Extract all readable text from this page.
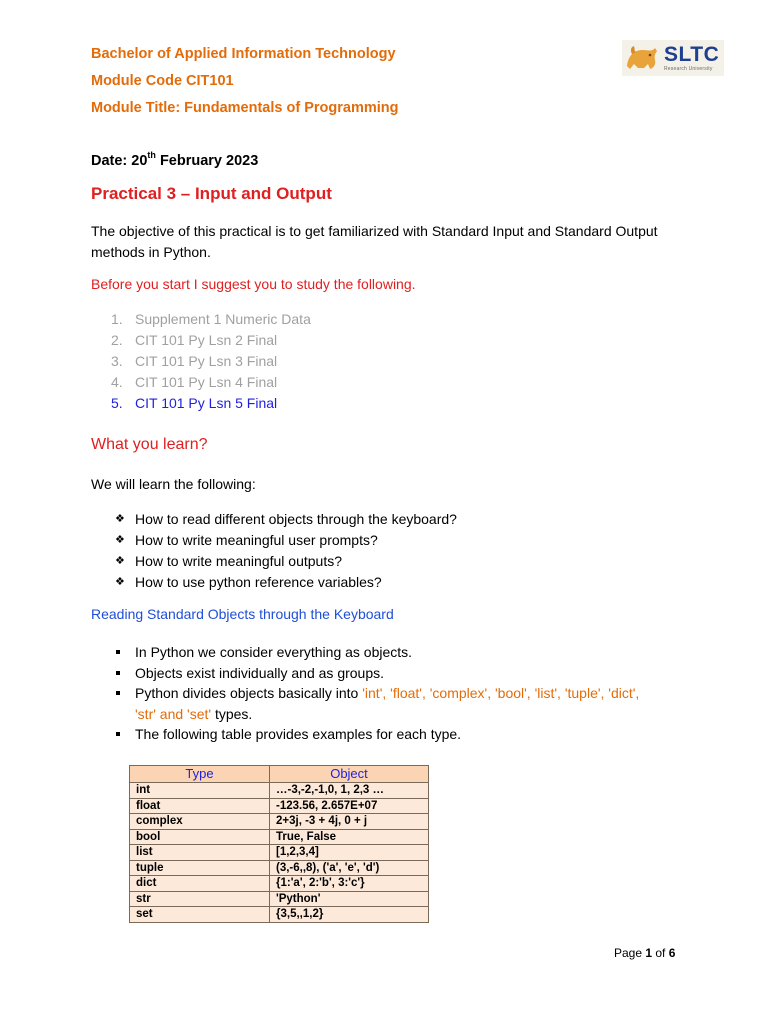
Bachelor of Applied Information Technology
Module Code CIT101
Module Title: Fundamentals of Programming
SLTC
Research University
Date: 20th February 2023
Practical 3 – Input and Output
The objective of this practical is to get familiarized with Standard Input and Standard Output methods in Python.
Before you start I suggest you to study the following.
1. Supplement 1 Numeric Data
2. CIT 101 Py Lsn 2 Final
3. CIT 101 Py Lsn 3 Final
4. CIT 101 Py Lsn 4 Final
5. CIT 101 Py Lsn 5 Final
What you learn?
We will learn the following:
❖ How to read different objects through the keyboard?
❖ How to write meaningful user prompts?
❖ How to write meaningful outputs?
❖ How to use python reference variables?
Reading Standard Objects through the Keyboard
In Python we consider everything as objects.
Objects exist individually and as groups.
Python divides objects basically into 'int', 'float', 'complex', 'bool', 'list', 'tuple', 'dict',
'str' and 'set' types.
The following table provides examples for each type.
Type	Object
int	…-3,-2,-1,0, 1, 2,3 …
float	-123.56, 2.657E+07
complex	2+3j, -3 + 4j, 0 + j
bool	True, False
list	[1,2,3,4]
tuple	(3,-6,,8), ('a', 'e', 'd')
dict	{1:'a', 2:'b', 3:'c'}
str	'Python'
set	{3,5,,1,2}
Page 1 of 6
